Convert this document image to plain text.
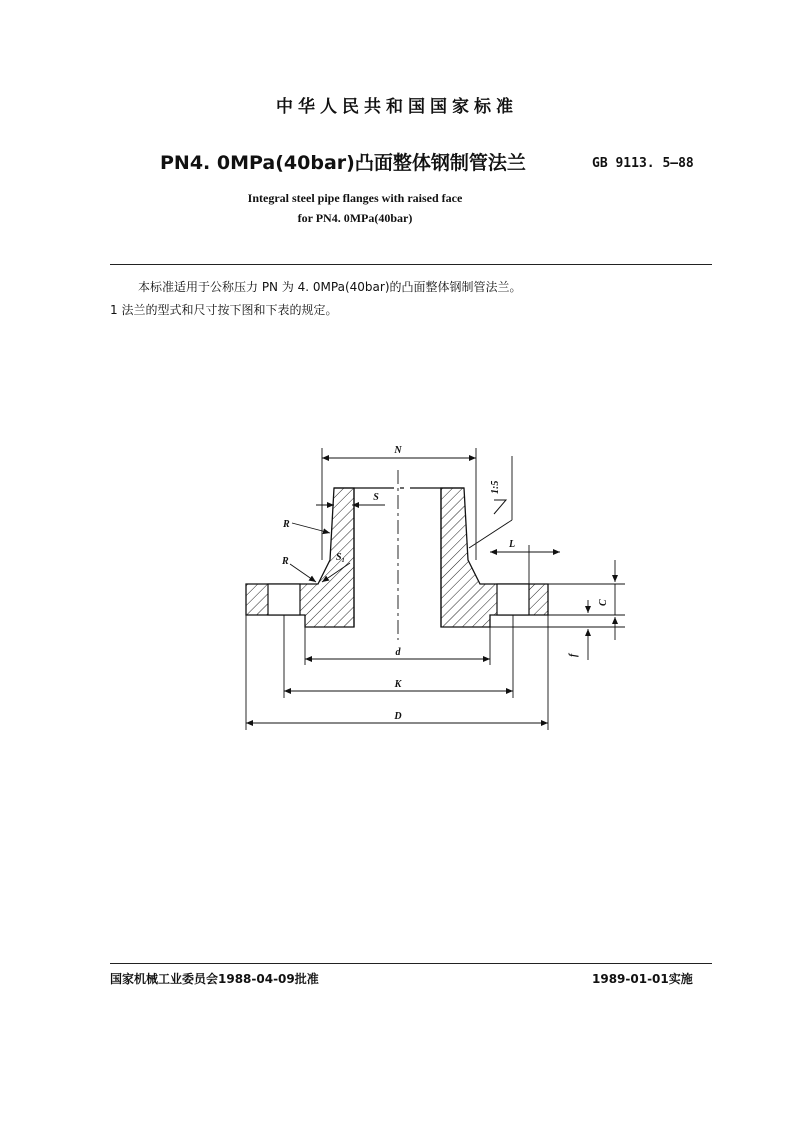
中华人民共和国国家标准
PN4. 0MPa(40bar)凸面整体钢制管法兰	GB 9113. 5—88
Integral steel pipe flanges with raised face
for PN4. 0MPa(40bar)
本标准适用于公称压力 PN 为 4. 0MPa(40bar)的凸面整体钢制管法兰。
1 法兰的型式和尺寸按下图和下表的规定。
N
S
R
R	S₁
1:5
L
C
f
d
K
D
国家机械工业委员会1988-04-09批准	1989-01-01实施
